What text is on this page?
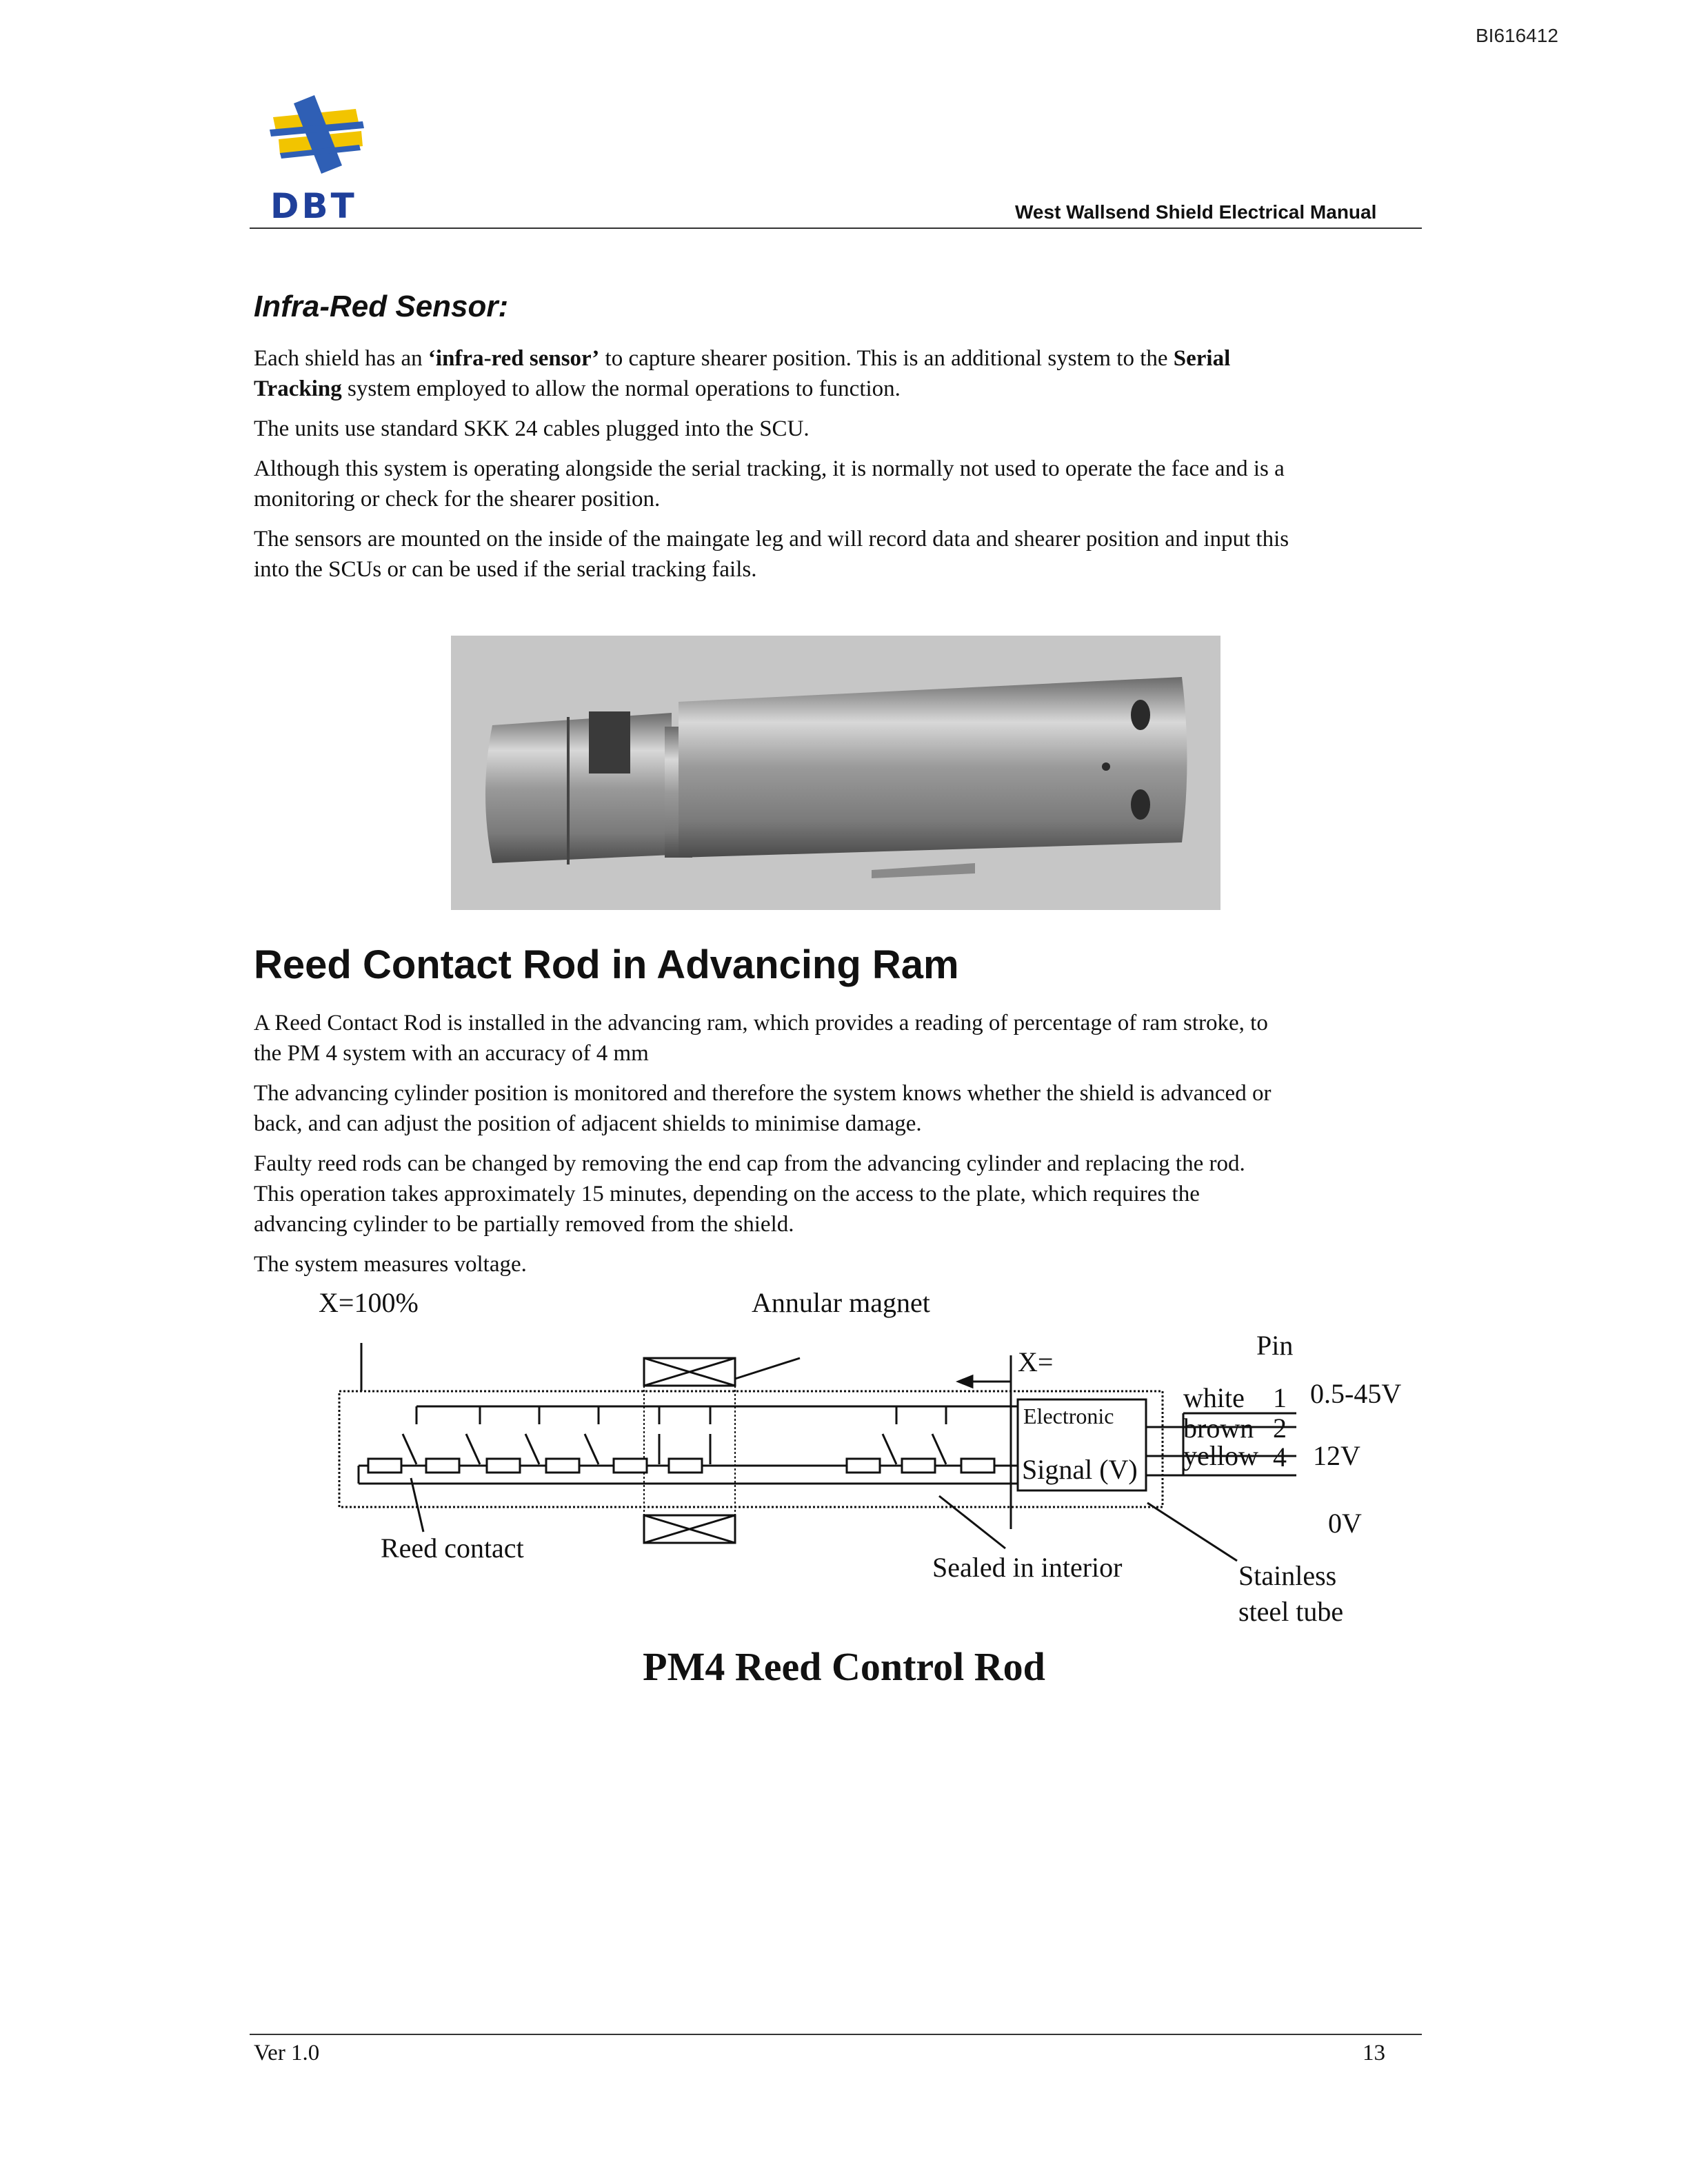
BI616412
DBT	West Wallsend Shield Electrical Manual
Infra-Red Sensor:
Each shield has an ‘infra-red sensor’ to capture shearer position. This is an additional system to the Serial
Tracking system employed to allow the normal operations to function.
The units use standard SKK 24 cables plugged into the SCU.
Although this system is operating alongside the serial tracking, it is normally not used to operate the face and is a
monitoring or check for the shearer position.
The sensors are mounted on the inside of the maingate leg and will record data and shearer position and input this
into the SCUs or can be used if the serial tracking fails.
Reed Contact Rod in Advancing Ram
A Reed Contact Rod is installed in the advancing ram, which provides a reading of percentage of ram stroke, to
the PM 4 system with an accuracy of 4 mm
The advancing cylinder position is monitored and therefore the system knows whether the shield is advanced or
back, and can adjust the position of adjacent shields to minimise damage.
Faulty reed rods can be changed by removing the end cap from the advancing cylinder and replacing the rod.
This operation takes approximately 15 minutes, depending on the access to the plate, which requires the
advancing cylinder to be partially removed from the shield.
The system measures voltage.
X=100%	Annular magnet
X=
Pin
Electronic
Signal (V)
white 1 0.5-45V
brown 2
yellow 4 12V
0V
Reed contact
Sealed in interior	Stainless
steel tube
PM4 Reed Control Rod
Ver 1.0	13
